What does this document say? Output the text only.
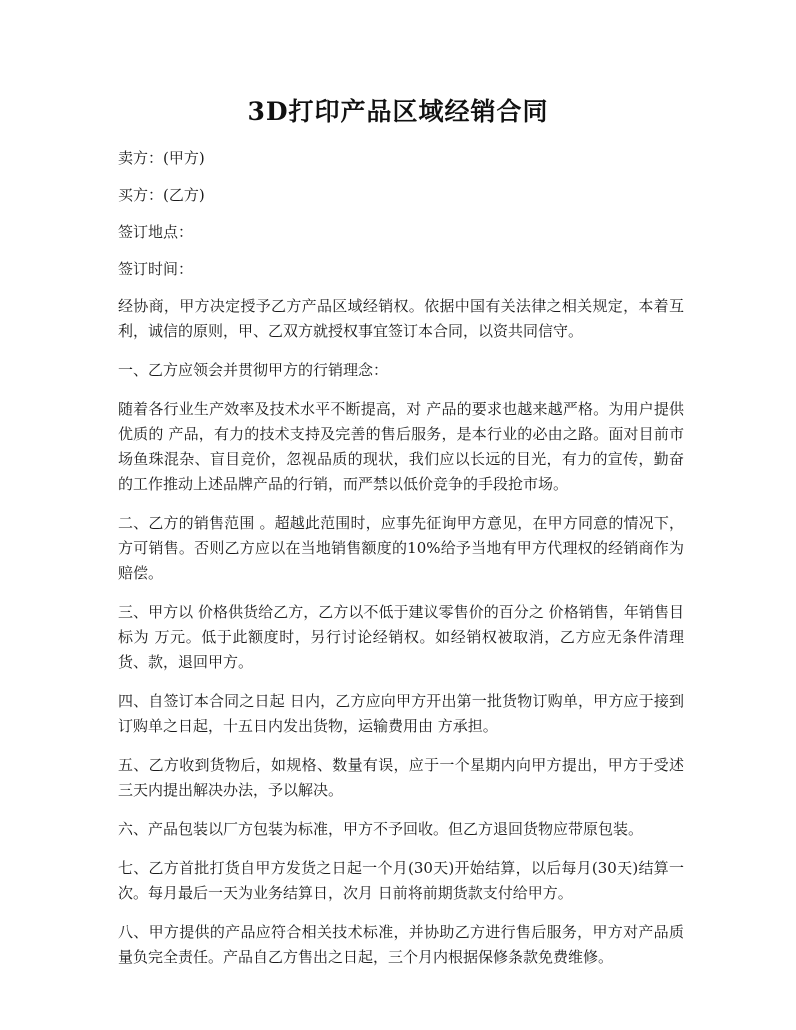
3D打印产品区域经销合同

卖方：(甲方)

买方：(乙方)

签订地点：

签订时间：

经协商，甲方决定授予乙方产品区域经销权。依据中国有关法律之相关规定，本着互利，诚信的原则，甲、乙双方就授权事宜签订本合同，以资共同信守。

一、乙方应领会并贯彻甲方的行销理念：

随着各行业生产效率及技术水平不断提高，对 产品的要求也越来越严格。为用户提供优质的 产品，有力的技术支持及完善的售后服务，是本行业的必由之路。面对目前市场鱼珠混杂、盲目竞价，忽视品质的现状，我们应以长远的目光，有力的宣传，勤奋的工作推动上述品牌产品的行销，而严禁以低价竞争的手段抢市场。

二、乙方的销售范围 。超越此范围时，应事先征询甲方意见，在甲方同意的情况下，方可销售。否则乙方应以在当地销售额度的10%给予当地有甲方代理权的经销商作为赔偿。

三、甲方以 价格供货给乙方，乙方以不低于建议零售价的百分之 价格销售，年销售目标为 万元。低于此额度时，另行讨论经销权。如经销权被取消，乙方应无条件清理货、款，退回甲方。

四、自签订本合同之日起 日内，乙方应向甲方开出第一批货物订购单，甲方应于接到订购单之日起，十五日内发出货物，运输费用由 方承担。

五、乙方收到货物后，如规格、数量有误，应于一个星期内向甲方提出，甲方于受述三天内提出解决办法，予以解决。

六、产品包装以厂方包装为标准，甲方不予回收。但乙方退回货物应带原包装。

七、乙方首批打货自甲方发货之日起一个月(30天)开始结算，以后每月(30天)结算一次。每月最后一天为业务结算日，次月 日前将前期货款支付给甲方。

八、甲方提供的产品应符合相关技术标准，并协助乙方进行售后服务，甲方对产品质量负完全责任。产品自乙方售出之日起，三个月内根据保修条款免费维修。
